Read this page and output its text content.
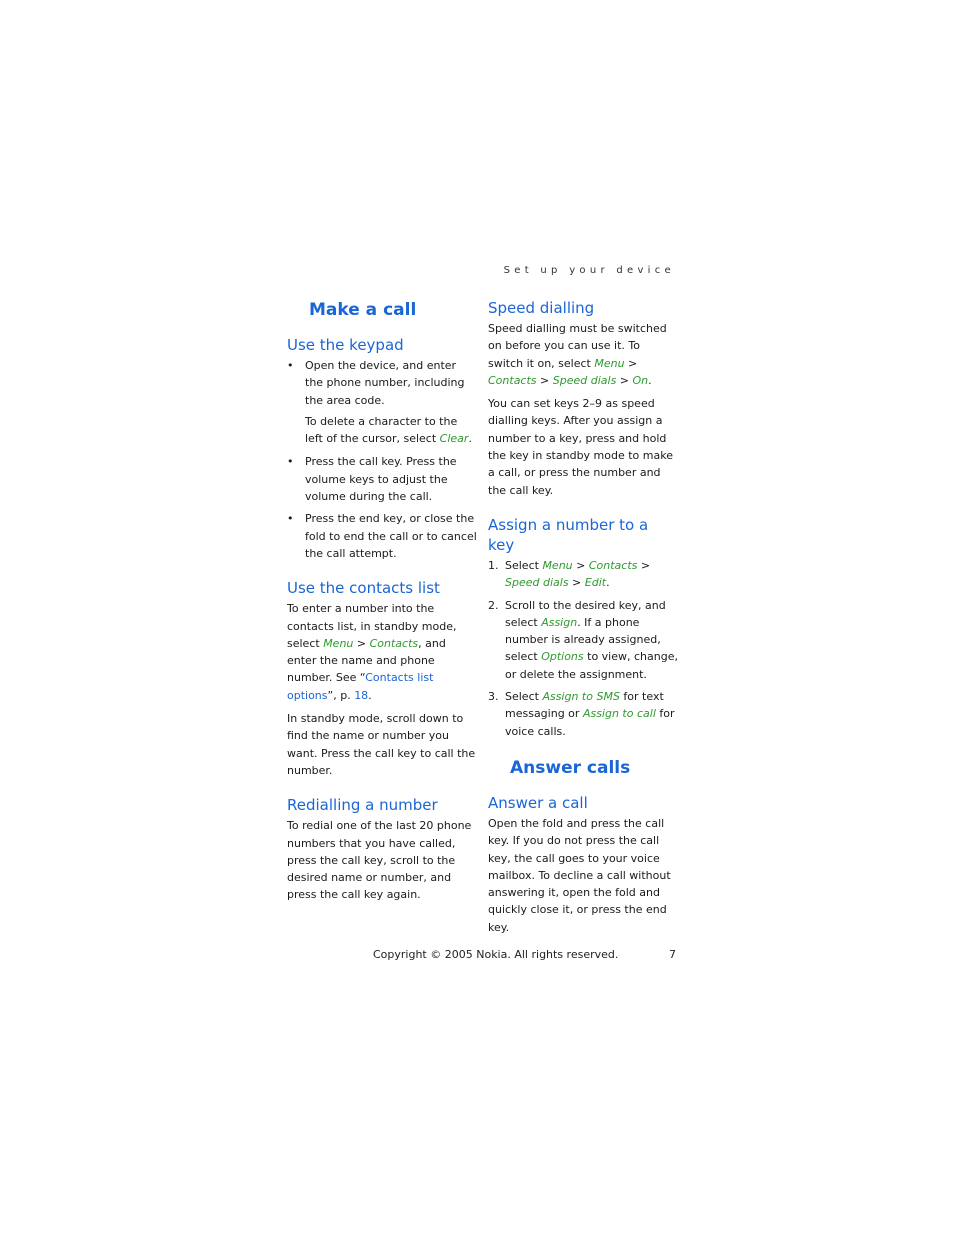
Set up your device
Make a call
Use the keypad
• Open the device, and enter the phone number, including the area code.

To delete a character to the left of the cursor, select Clear.

• Press the call key. Press the volume keys to adjust the volume during the call.
• Press the end key, or close the fold to end the call or to cancel the call attempt.
Use the contacts list

To enter a number into the contacts list, in standby mode, select Menu > Contacts, and enter the name and phone number. See “Contacts list options”, p. 18.

In standby mode, scroll down to find the name or number you want. Press the call key to call the number.

Redialling a number

To redial one of the last 20 phone numbers that you have called, press the call key, scroll to the desired name or number, and press the call key again.

Speed dialling

Speed dialling must be switched on before you can use it. To switch it on, select Menu > Contacts > Speed dials > On.

You can set keys 2–9 as speed dialling keys. After you assign a number to a key, press and hold the key in standby mode to make a call, or press the number and the call key.

Assign a number to a key
1. Select Menu > Contacts > Speed dials > Edit.
2. Scroll to the desired key, and select Assign. If a phone number is already assigned, select Options to view, change, or delete the assignment.
3. Select Assign to SMS for text messaging or Assign to call for voice calls.
Answer calls
Answer a call

Open the fold and press the call key. If you do not press the call key, the call goes to your voice mailbox. To decline a call without answering it, open the fold and quickly close it, or press the end key.

Copyright © 2005 Nokia. All rights reserved.	7
